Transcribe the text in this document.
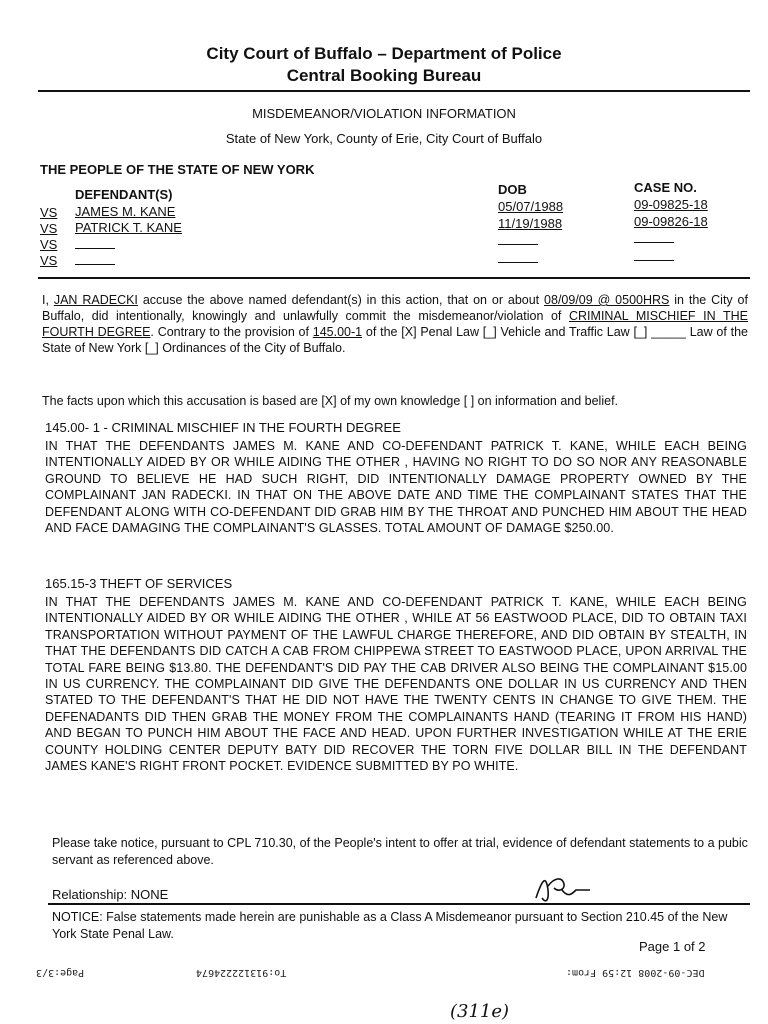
City Court of Buffalo – Department of Police
Central Booking Bureau
MISDEMEANOR/VIOLATION INFORMATION
State of New York, County of Erie, City Court of Buffalo
THE PEOPLE OF THE STATE OF NEW YORK
DEFENDANT(S)	DOB	CASE NO.
VS JAMES M. KANE	05/07/1988	09-09825-18
VS PATRICK T. KANE	11/19/1988	09-09826-18
VS
VS
I, JAN RADECKI accuse the above named defendant(s) in this action, that on or about 08/09/09 @ 0500HRS in the City of Buffalo, did intentionally, knowingly and unlawfully commit the misdemeanor/violation of CRIMINAL MISCHIEF IN THE FOURTH DEGREE. Contrary to the provision of 145.00-1 of the [X] Penal Law [_] Vehicle and Traffic Law [_] _____ Law of the State of New York [_] Ordinances of the City of Buffalo.
The facts upon which this accusation is based are [X] of my own knowledge [ ] on information and belief.
145.00- 1 - CRIMINAL MISCHIEF IN THE FOURTH DEGREE
IN THAT THE DEFENDANTS JAMES M. KANE AND CO-DEFENDANT PATRICK T. KANE, WHILE EACH BEING INTENTIONALLY AIDED BY OR WHILE AIDING THE OTHER , HAVING NO RIGHT TO DO SO NOR ANY REASONABLE GROUND TO BELIEVE HE HAD SUCH RIGHT, DID INTENTIONALLY DAMAGE PROPERTY OWNED BY THE COMPLAINANT JAN RADECKI. IN THAT ON THE ABOVE DATE AND TIME THE COMPLAINANT STATES THAT THE DEFENDANT ALONG WITH CO-DEFENDANT DID GRAB HIM BY THE THROAT AND PUNCHED HIM ABOUT THE HEAD AND FACE DAMAGING THE COMPLAINANT'S GLASSES. TOTAL AMOUNT OF DAMAGE $250.00.
165.15-3 THEFT OF SERVICES
IN THAT THE DEFENDANTS JAMES M. KANE AND CO-DEFENDANT PATRICK T. KANE, WHILE EACH BEING INTENTIONALLY AIDED BY OR WHILE AIDING THE OTHER , WHILE AT 56 EASTWOOD PLACE, DID TO OBTAIN TAXI TRANSPORTATION WITHOUT PAYMENT OF THE LAWFUL CHARGE THEREFORE, AND DID OBTAIN BY STEALTH, IN THAT THE DEFENDANTS DID CATCH A CAB FROM CHIPPEWA STREET TO EASTWOOD PLACE, UPON ARRIVAL THE TOTAL FARE BEING $13.80. THE DEFENDANT'S DID PAY THE CAB DRIVER ALSO BEING THE COMPLAINANT $15.00 IN US CURRENCY. THE COMPLAINANT DID GIVE THE DEFENDANTS ONE DOLLAR IN US CURRENCY AND THEN STATED TO THE DEFENDANT'S THAT HE DID NOT HAVE THE TWENTY CENTS IN CHANGE TO GIVE THEM. THE DEFENADANTS DID THEN GRAB THE MONEY FROM THE COMPLAINANTS HAND (TEARING IT FROM HIS HAND) AND BEGAN TO PUNCH HIM ABOUT THE FACE AND HEAD. UPON FURTHER INVESTIGATION WHILE AT THE ERIE COUNTY HOLDING CENTER DEPUTY BATY DID RECOVER THE TORN FIVE DOLLAR BILL IN THE DEFENDANT JAMES KANE'S RIGHT FRONT POCKET. EVIDENCE SUBMITTED BY PO WHITE.
Please take notice, pursuant to CPL 710.30, of the People's intent to offer at trial, evidence of defendant statements to a pubic servant as referenced above.
Relationship: NONE
NOTICE: False statements made herein are punishable as a Class A Misdemeanor pursuant to Section 210.45 of the New York State Penal Law.
Page 1 of 2
Page:3/3	To:913122224674	DEC-09-2008 12:59 From:
(311e)
